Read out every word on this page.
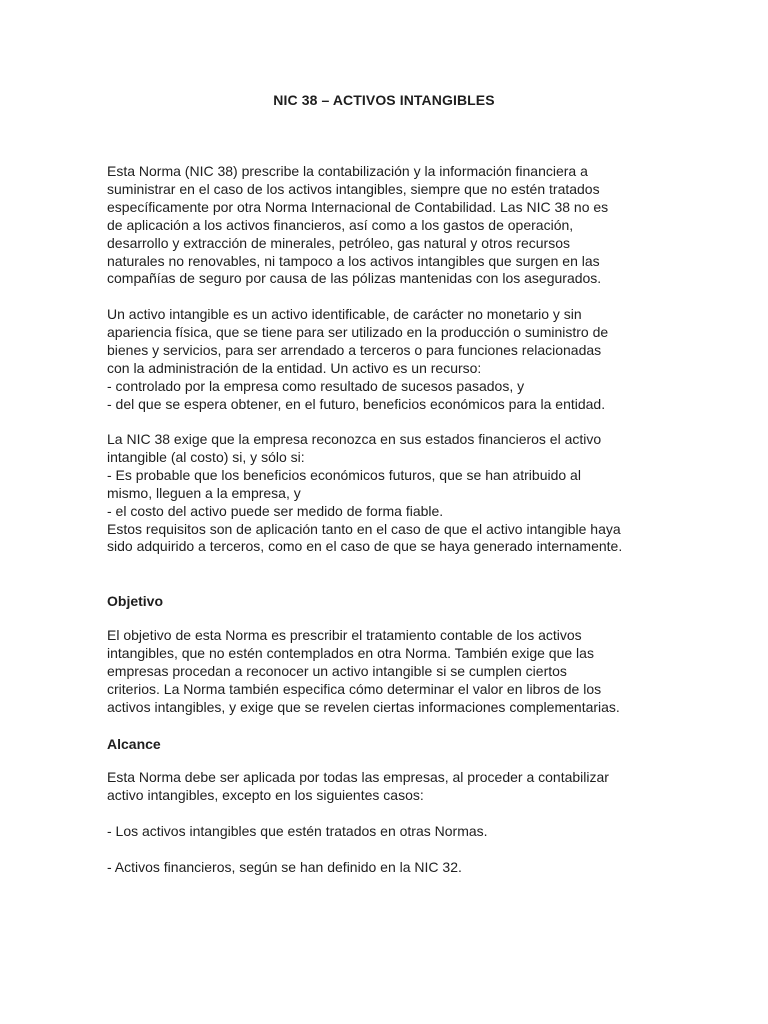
NIC 38 – ACTIVOS INTANGIBLES

Esta Norma (NIC 38) prescribe la contabilización y la información financiera a
suministrar en el caso de los activos intangibles, siempre que no estén tratados
específicamente por otra Norma Internacional de Contabilidad. Las NIC 38 no es
de aplicación a los activos financieros, así como a los gastos de operación,
desarrollo y extracción de minerales, petróleo, gas natural y otros recursos
naturales no renovables, ni tampoco a los activos intangibles que surgen en las
compañías de seguro por causa de las pólizas mantenidas con los asegurados.

Un activo intangible es un activo identificable, de carácter no monetario y sin
apariencia física, que se tiene para ser utilizado en la producción o suministro de
bienes y servicios, para ser arrendado a terceros o para funciones relacionadas
con la administración de la entidad. Un activo es un recurso:
- controlado por la empresa como resultado de sucesos pasados, y
- del que se espera obtener, en el futuro, beneficios económicos para la entidad.

La NIC 38 exige que la empresa reconozca en sus estados financieros el activo
intangible (al costo) si, y sólo si:
- Es probable que los beneficios económicos futuros, que se han atribuido al
mismo, lleguen a la empresa, y
- el costo del activo puede ser medido de forma fiable.
Estos requisitos son de aplicación tanto en el caso de que el activo intangible haya
sido adquirido a terceros, como en el caso de que se haya generado internamente.

Objetivo

El objetivo de esta Norma es prescribir el tratamiento contable de los activos
intangibles, que no estén contemplados en otra Norma. También exige que las
empresas procedan a reconocer un activo intangible si se cumplen ciertos
criterios. La Norma también especifica cómo determinar el valor en libros de los
activos intangibles, y exige que se revelen ciertas informaciones complementarias.

Alcance

Esta Norma debe ser aplicada por todas las empresas, al proceder a contabilizar
activo intangibles, excepto en los siguientes casos:

- Los activos intangibles que estén tratados en otras Normas.

- Activos financieros, según se han definido en la NIC 32.
